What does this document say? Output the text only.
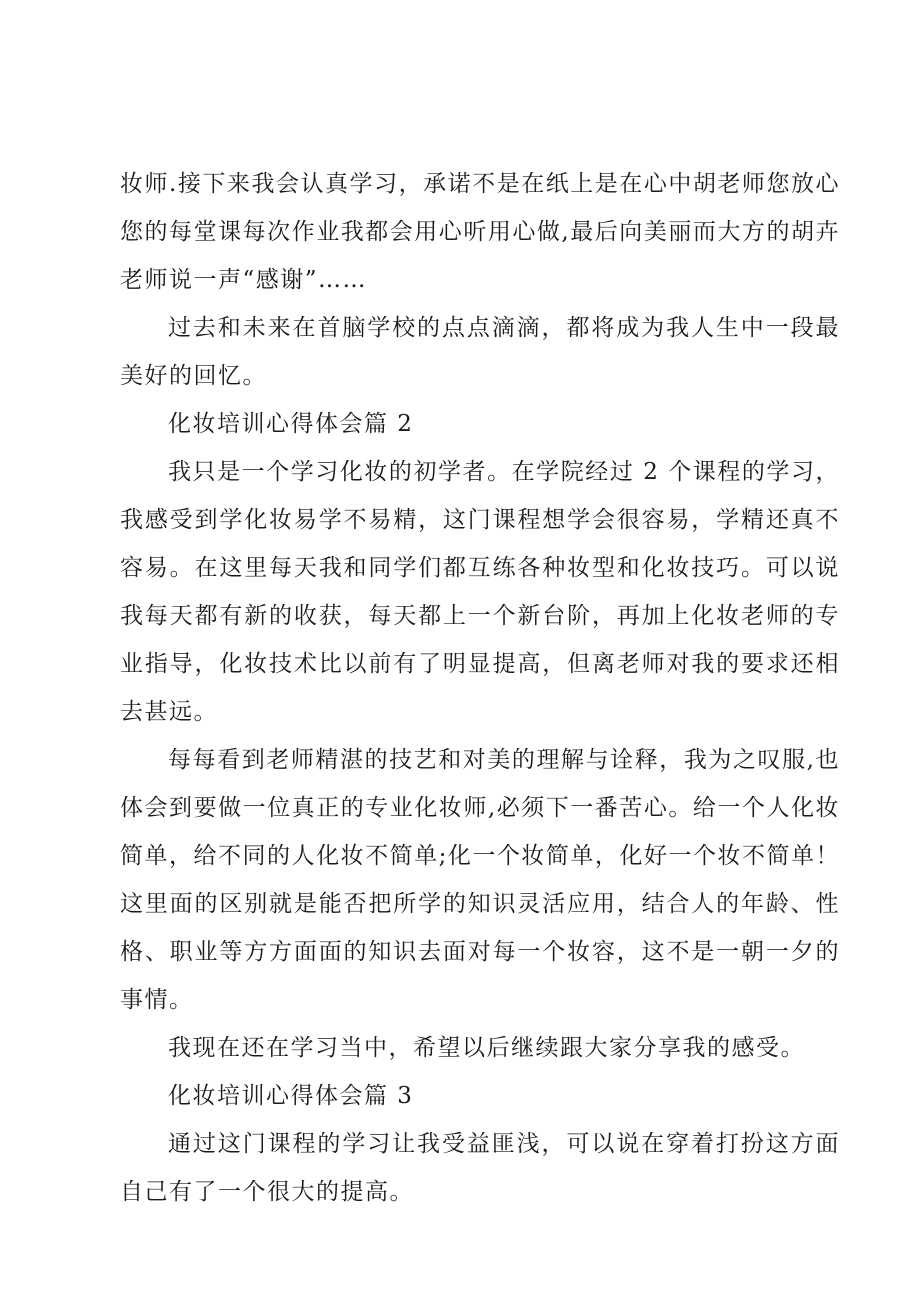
妆师.接下来我会认真学习，承诺不是在纸上是在心中胡老师您放心您的每堂课每次作业我都会用心听用心做,最后向美丽而大方的胡卉老师说一声“感谢”……

过去和未来在首脑学校的点点滴滴，都将成为我人生中一段最美好的回忆。

化妆培训心得体会篇 2

我只是一个学习化妆的初学者。在学院经过 2 个课程的学习，我感受到学化妆易学不易精，这门课程想学会很容易，学精还真不容易。在这里每天我和同学们都互练各种妆型和化妆技巧。可以说我每天都有新的收获，每天都上一个新台阶，再加上化妆老师的专业指导，化妆技术比以前有了明显提高，但离老师对我的要求还相去甚远。

每每看到老师精湛的技艺和对美的理解与诠释，我为之叹服,也体会到要做一位真正的专业化妆师,必须下一番苦心。给一个人化妆简单，给不同的人化妆不简单;化一个妆简单，化好一个妆不简单！这里面的区别就是能否把所学的知识灵活应用，结合人的年龄、性格、职业等方方面面的知识去面对每一个妆容，这不是一朝一夕的事情。

我现在还在学习当中，希望以后继续跟大家分享我的感受。

化妆培训心得体会篇 3

通过这门课程的学习让我受益匪浅，可以说在穿着打扮这方面自己有了一个很大的提高。
